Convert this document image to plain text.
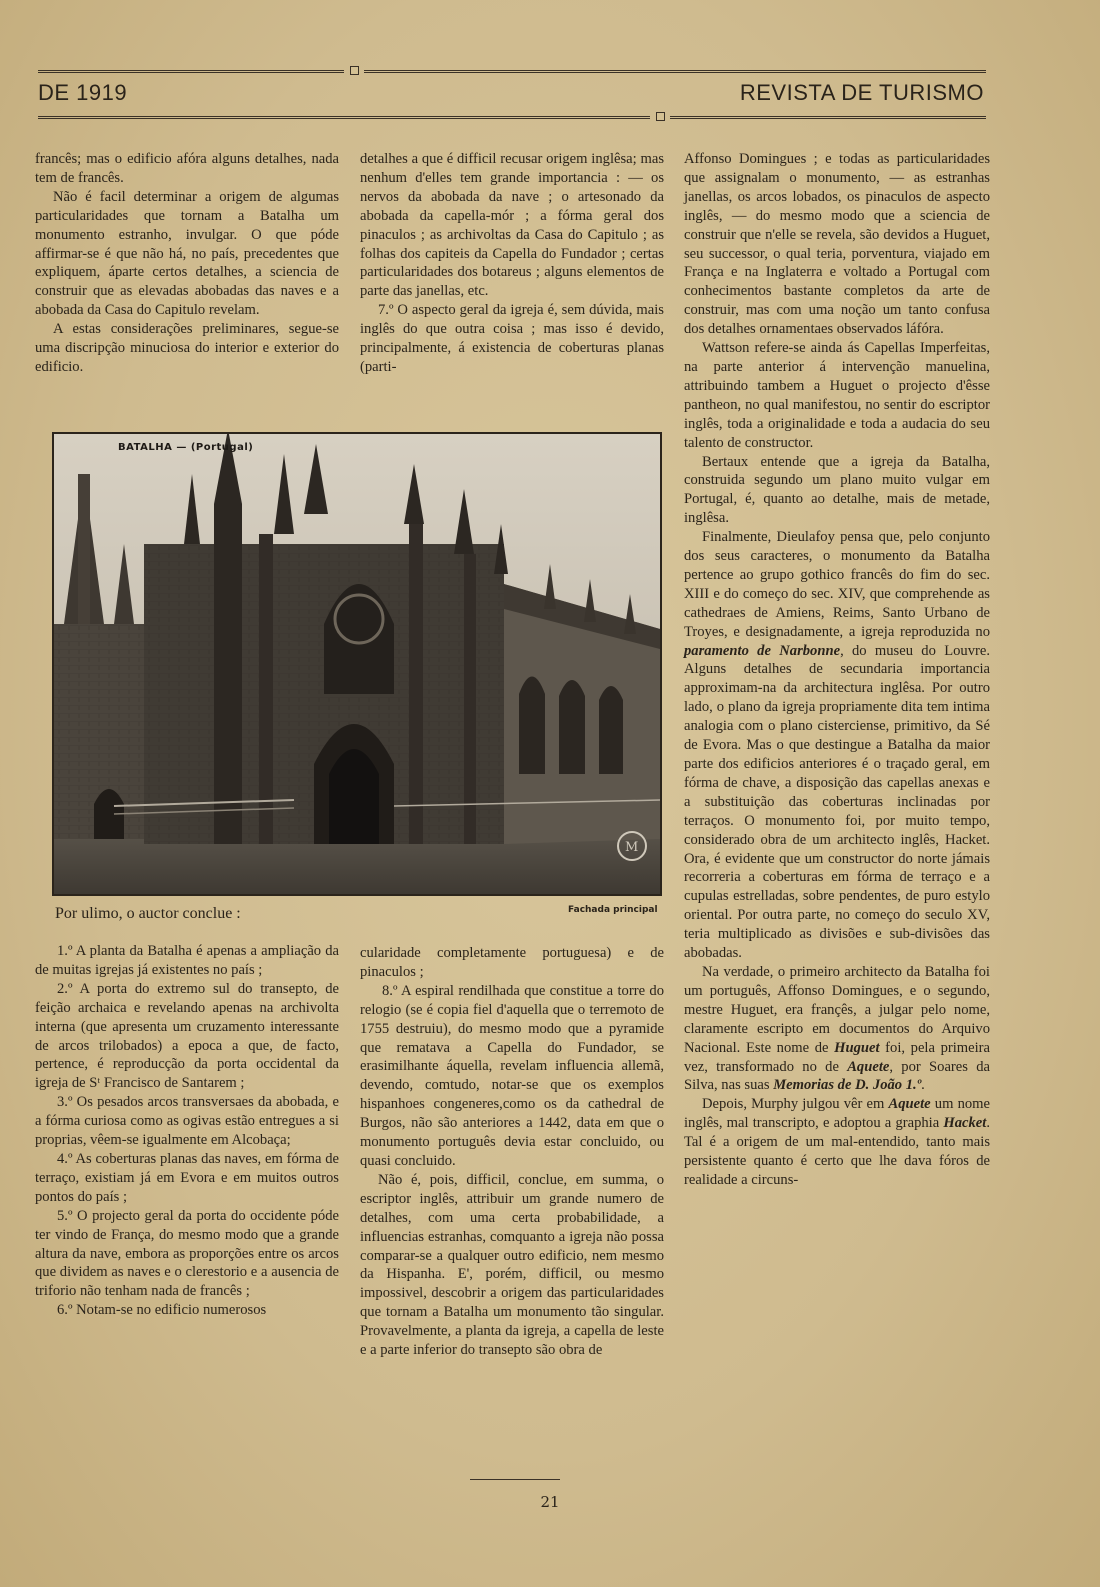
DE 1919	REVISTA DE TURISMO

francês; mas o edificio afóra alguns detalhes, nada tem de francês.

Não é facil determinar a origem de algumas particularidades que tornam a Batalha um monumento estranho, invulgar. O que póde affirmar-se é que não há, no país, precedentes que expliquem, áparte certos detalhes, a sciencia de construir que as elevadas abobadas das naves e a abobada da Casa do Capitulo revelam.

A estas considerações preliminares, segue-se uma discripção minuciosa do interior e exterior do edificio.

detalhes a que é difficil recusar origem inglêsa; mas nenhum d'elles tem grande importancia : — os nervos da abobada da nave ; o artesonado da abobada da capella-mór ; a fórma geral dos pinaculos ; as archivoltas da Casa do Capitulo ; as folhas dos capiteis da Capella do Fundador ; certas particularidades dos botareus ; alguns elementos de parte das janellas, etc.

7.º O aspecto geral da igreja é, sem dúvida, mais inglês do que outra coisa ; mas isso é devido, principalmente, á existencia de coberturas planas (parti-

M
BATALHA — (Portugal)
Fachada principal

Por ulimo, o auctor conclue :

1.º A planta da Batalha é apenas a ampliação da de muitas igrejas já existentes no país ;

2.º A porta do extremo sul do transepto, de feição archaica e revelando apenas na archivolta interna (que apresenta um cruzamento interessante de arcos trilobados) a epoca a que, de facto, pertence, é reproducção da porta occidental da igreja de Sᵗ Francisco de Santarem ;

3.º Os pesados arcos transversaes da abobada, e a fórma curiosa como as ogivas estão entregues a si proprias, vêem-se igualmente em Alcobaça;

4.º As coberturas planas das naves, em fórma de terraço, existiam já em Evora e em muitos outros pontos do país ;

5.º O projecto geral da porta do occidente póde ter vindo de França, do mesmo modo que a grande altura da nave, embora as proporções entre os arcos que dividem as naves e o clerestorio e a ausencia de triforio não tenham nada de francês ;

6.º Notam-se no edificio numerosos

cularidade completamente portuguesa) e de pinaculos ;

8.º A espiral rendilhada que constitue a torre do relogio (se é copia fiel d'aquella que o terremoto de 1755 destruiu), do mesmo modo que a pyramide que rematava a Capella do Fundador, se erasimilhante áquella, revelam influencia allemã, devendo, comtudo, notar-se que os exemplos hispanhoes congeneres,como os da cathedral de Burgos, não são anteriores a 1442, data em que o monumento português devia estar concluido, ou quasi concluido.

Não é, pois, difficil, conclue, em summa, o escriptor inglês, attribuir um grande numero de detalhes, com uma certa probabilidade, a influencias estranhas, comquanto a igreja não possa comparar-se a qualquer outro edificio, nem mesmo da Hispanha. E', porém, difficil, ou mesmo impossivel, descobrir a origem das particularidades que tornam a Batalha um monumento tão singular. Provavelmente, a planta da igreja, a capella de leste e a parte inferior do transepto são obra de

Affonso Domingues ; e todas as particularidades que assignalam o monumento, — as estranhas janellas, os arcos lobados, os pinaculos de aspecto inglês, — do mesmo modo que a sciencia de construir que n'elle se revela, são devidos a Huguet, seu successor, o qual teria, porventura, viajado em França e na Inglaterra e voltado a Portugal com conhecimentos bastante completos da arte de construir, mas com uma noção um tanto confusa dos detalhes ornamentaes observados láfóra.

Wattson refere-se ainda ás Capellas Imperfeitas, na parte anterior á intervenção manuelina, attribuindo tambem a Huguet o projecto d'êsse pantheon, no qual manifestou, no sentir do escriptor inglês, toda a originalidade e toda a audacia do seu talento de constructor.

Bertaux entende que a igreja da Batalha, construida segundo um plano muito vulgar em Portugal, é, quanto ao detalhe, mais de metade, inglêsa.

Finalmente, Dieulafoy pensa que, pelo conjunto dos seus caracteres, o monumento da Batalha pertence ao grupo gothico francês do fim do sec. XIII e do começo do sec. XIV, que comprehende as cathedraes de Amiens, Reims, Santo Urbano de Troyes, e designadamente, a igreja reproduzida no paramento de Narbonne, do museu do Louvre. Alguns detalhes de secundaria importancia approximam-na da architectura inglêsa. Por outro lado, o plano da igreja propriamente dita tem intima analogia com o plano cisterciense, primitivo, da Sé de Evora. Mas o que destingue a Batalha da maior parte dos edificios anteriores é o traçado geral, em fórma de chave, a disposição das capellas anexas e a substituição das coberturas inclinadas por terraços. O monumento foi, por muito tempo, considerado obra de um architecto inglês, Hacket. Ora, é evidente que um constructor do norte jámais recorreria a coberturas em fórma de terraço e a cupulas estrelladas, sobre pendentes, de puro estylo oriental. Por outra parte, no começo do seculo XV, teria multiplicado as divisões e sub-divisões das abobadas.

Na verdade, o primeiro architecto da Batalha foi um português, Affonso Domingues, e o segundo, mestre Huguet, era françês, a julgar pelo nome, claramente escripto em documentos do Arquivo Nacional. Este nome de Huguet foi, pela primeira vez, transformado no de Aquete, por Soares da Silva, nas suas Memorias de D. João 1.º.

Depois, Murphy julgou vêr em Aquete um nome inglês, mal transcripto, e adoptou a graphia Hacket. Tal é a origem de um mal-entendido, tanto mais persistente quanto é certo que lhe dava fóros de realidade a circuns-

21
